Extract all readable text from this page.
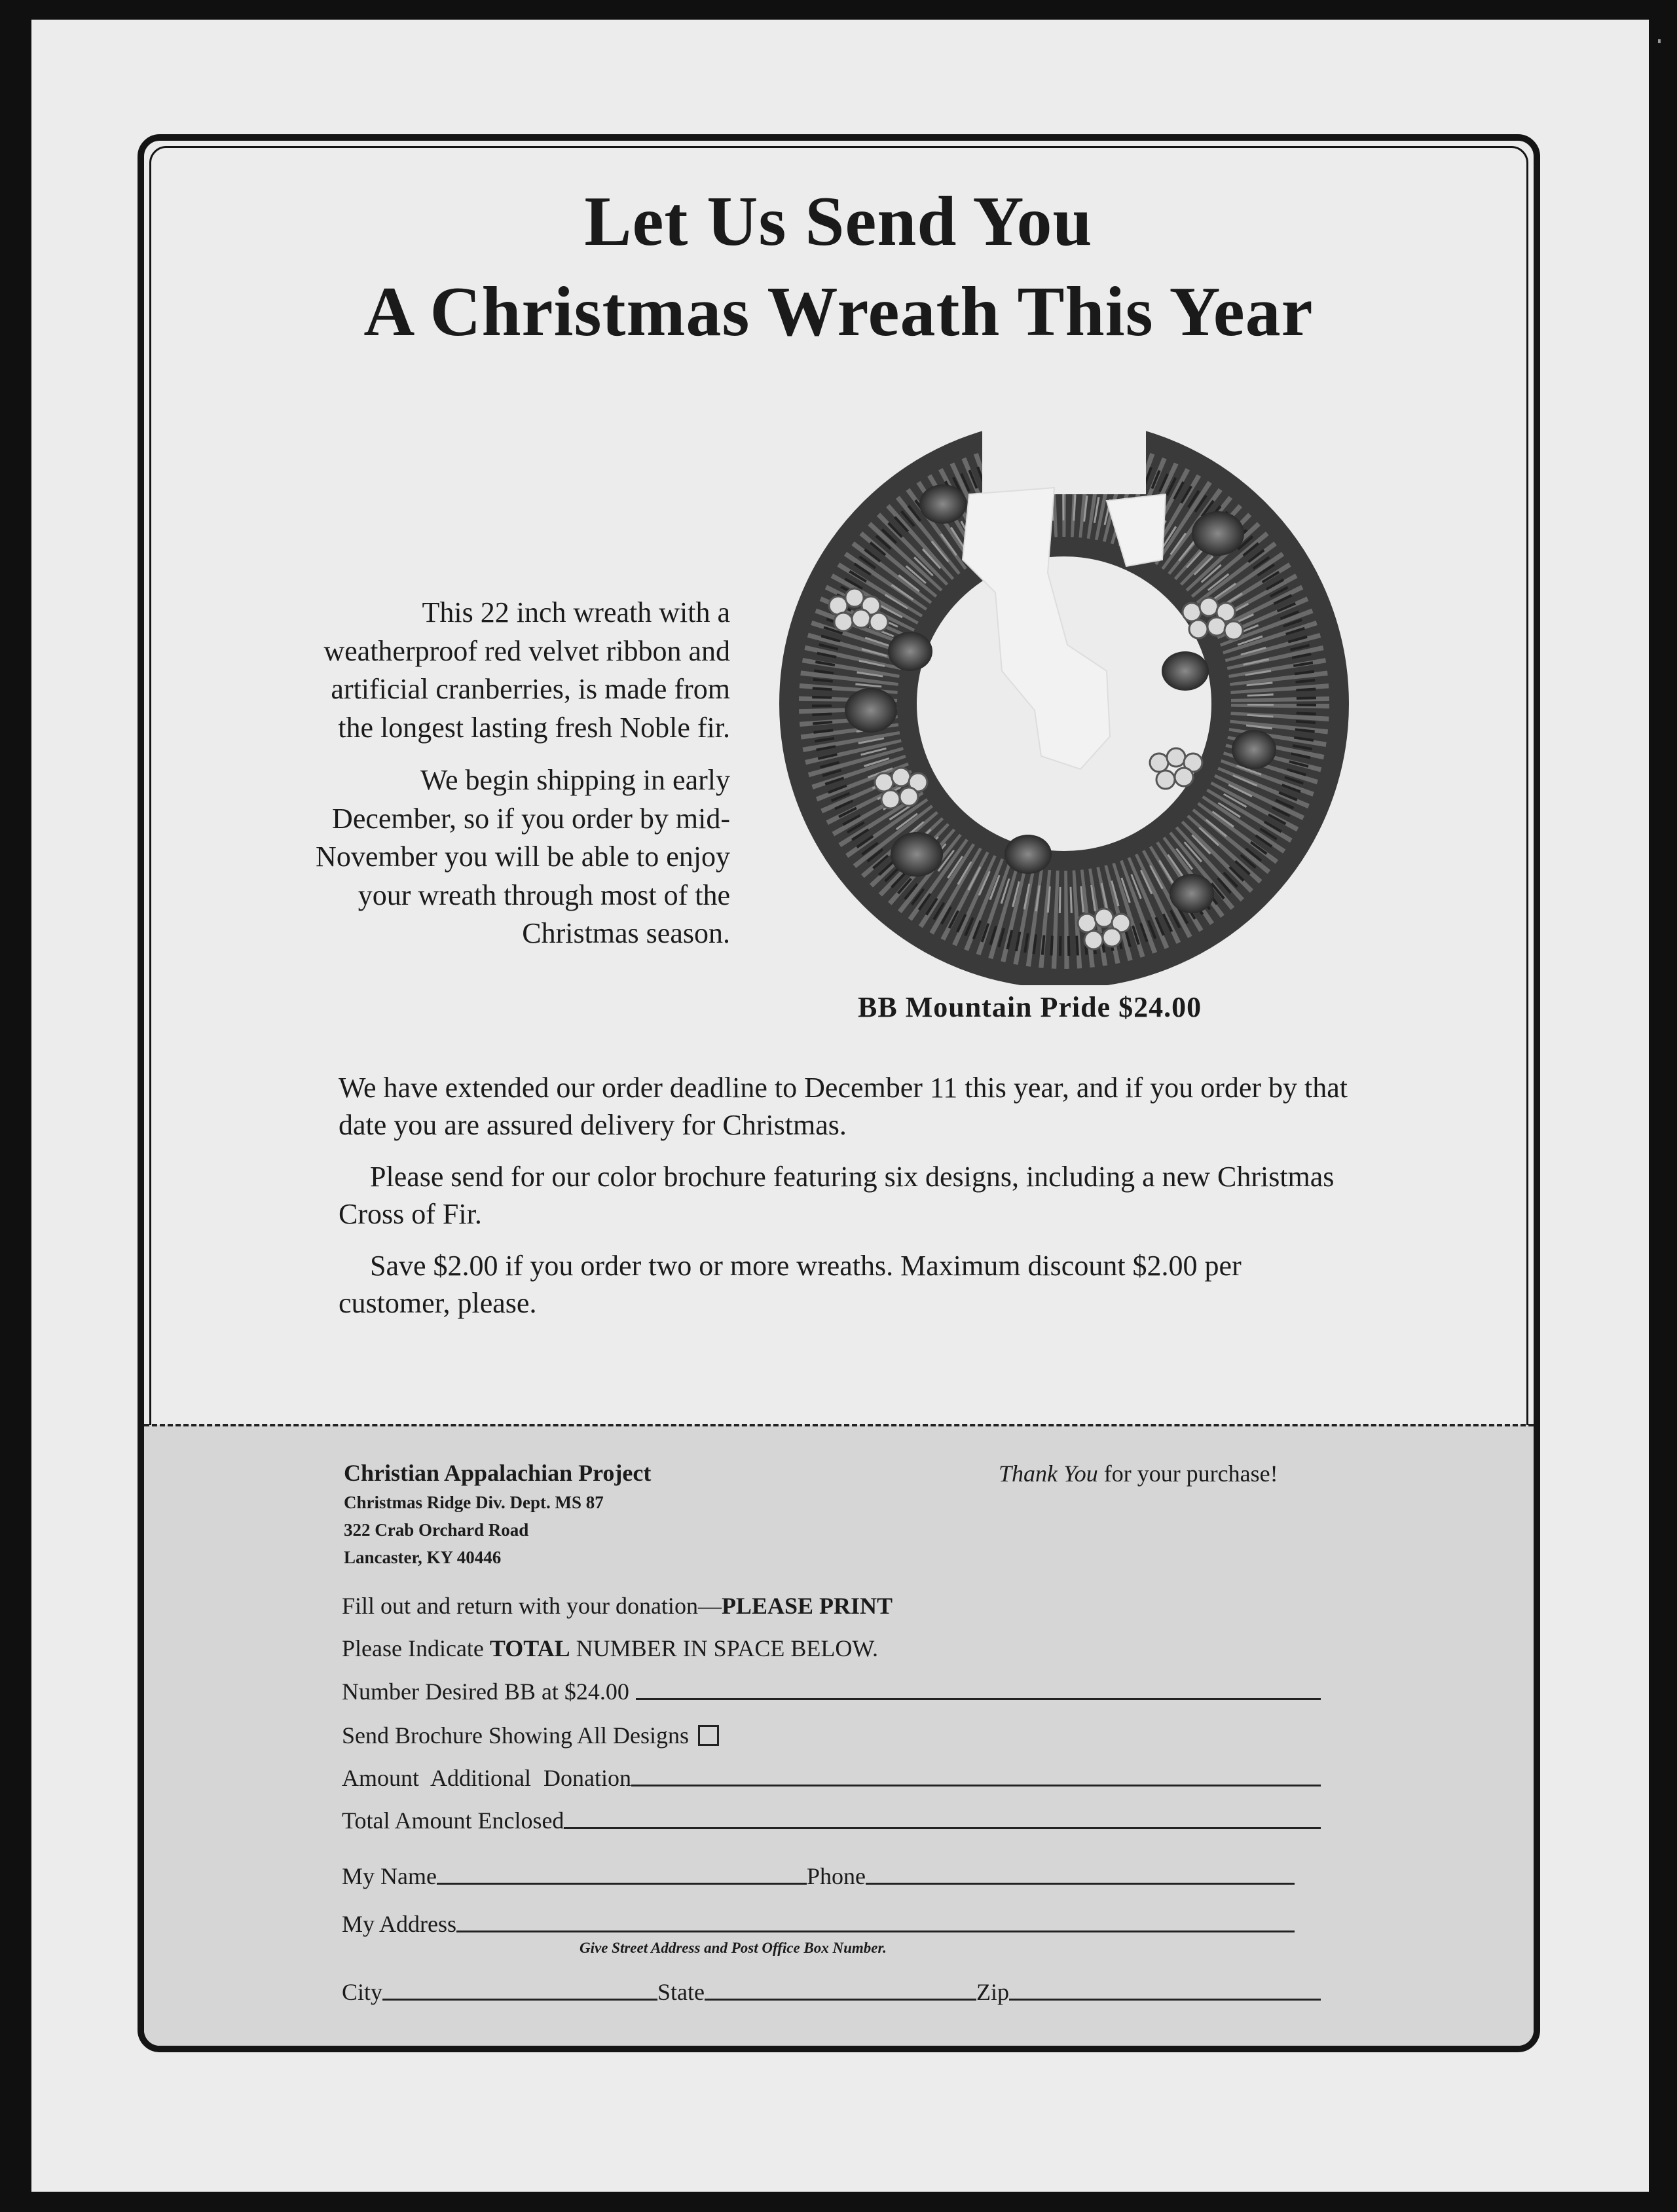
Let Us Send You
A Christmas Wreath This Year
BB Mountain Pride $24.00

This 22 inch wreath with a weatherproof red velvet ribbon and artificial cranberries, is made from the longest lasting fresh Noble fir.

We begin shipping in early December, so if you order by mid-November you will be able to enjoy your wreath through most of the Christmas season.

We have extended our order deadline to December 11 this year, and if you order by that date you are assured delivery for Christmas.

Please send for our color brochure featuring six designs, including a new Christmas Cross of Fir.

Save $2.00 if you order two or more wreaths. Maximum discount $2.00 per customer, please.

Christian Appalachian Project
Christmas Ridge Div. Dept. MS 87
322 Crab Orchard Road
Lancaster, KY 40446
Thank You for your purchase!
Fill out and return with your donation—PLEASE PRINT
Please Indicate TOTAL NUMBER IN SPACE BELOW.
Number Desired BB at $24.00
Send Brochure Showing All Designs
Amount Additional Donation
Total Amount Enclosed
My Name	Phone
My Address
Give Street Address and Post Office Box Number.
City	State	Zip
